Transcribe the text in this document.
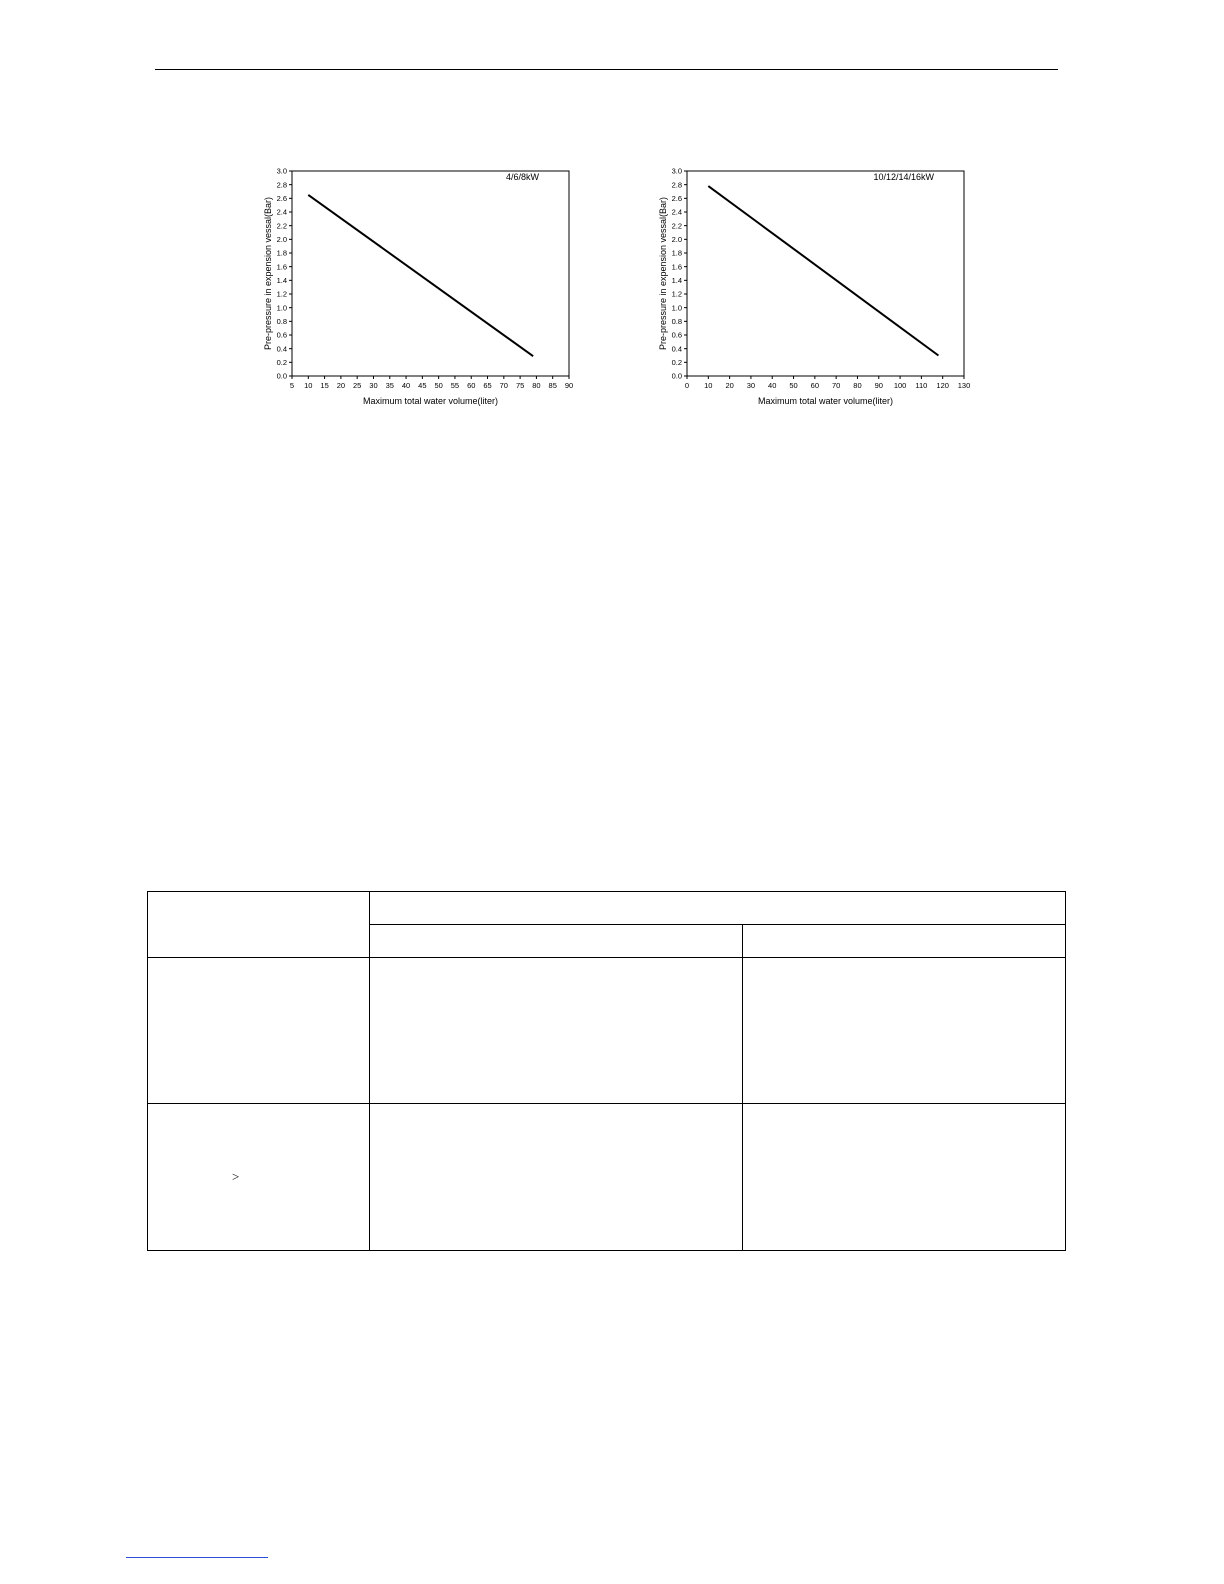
5 10 15 20 25 30 35 40 45 50 55 60 65 70 75 80 85 90
0.0
0.2
0.4
0.6
0.8
1.0
1.2
1.4
1.6
1.8
2.0
2.2
2.4
2.6
2.8
3.0
Maximum total water volume(liter)
Pre-pressure in expension vessal(Bar)
4/6/8kW
0 10 20 30 40 50 60 70 80 90 100 110 120 130
0.0
0.2
0.4
0.6
0.8
1.0
1.2
1.4
1.6
1.8
2.0
2.2
2.4
2.6
2.8
3.0
Maximum total water volume(liter)
Pre-pressure in expension vessal(Bar)
10/12/14/16kW

>		
